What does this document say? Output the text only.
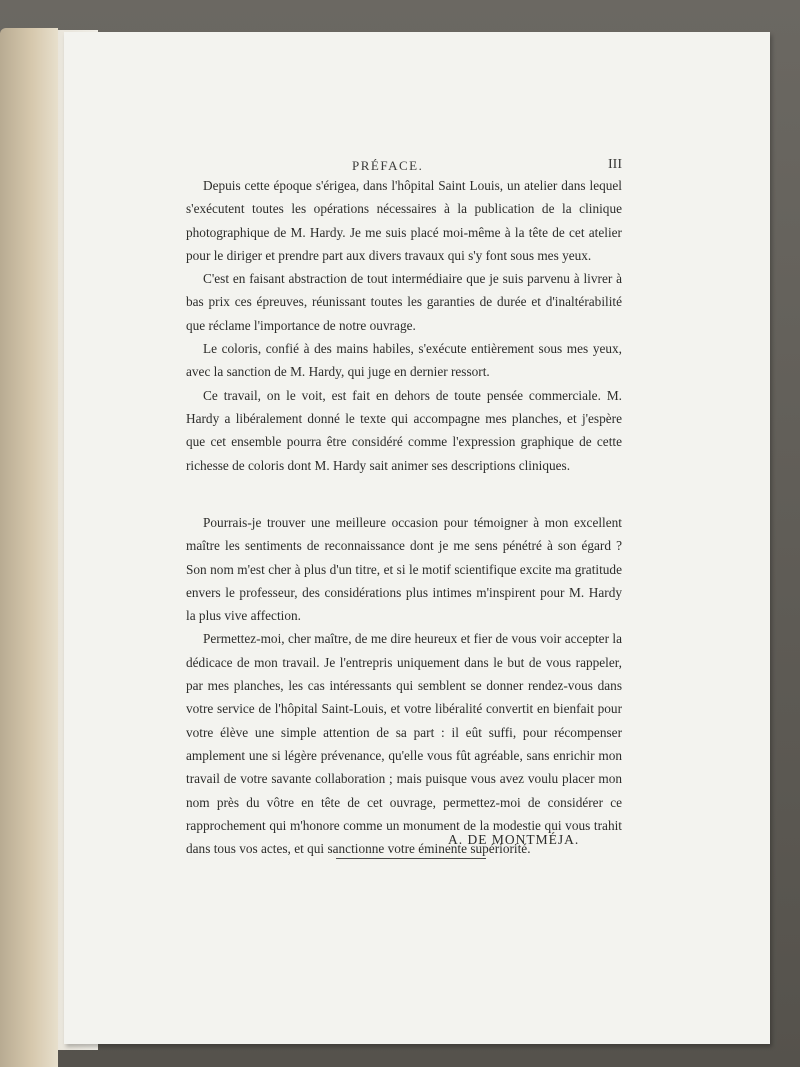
PRÉFACE.	III

Depuis cette époque s'érigea, dans l'hôpital Saint Louis, un atelier dans lequel s'exécutent toutes les opérations nécessaires à la publication de la clinique photographique de M. Hardy. Je me suis placé moi-même à la tête de cet atelier pour le diriger et prendre part aux divers travaux qui s'y font sous mes yeux.

C'est en faisant abstraction de tout intermédiaire que je suis parvenu à livrer à bas prix ces épreuves, réunissant toutes les garanties de durée et d'inaltérabilité que réclame l'importance de notre ouvrage.

Le coloris, confié à des mains habiles, s'exécute entièrement sous mes yeux, avec la sanction de M. Hardy, qui juge en dernier ressort.

Ce travail, on le voit, est fait en dehors de toute pensée commerciale. M. Hardy a libéralement donné le texte qui accompagne mes planches, et j'espère que cet ensemble pourra être considéré comme l'expression graphique de cette richesse de coloris dont M. Hardy sait animer ses descriptions cliniques.

Pourrais-je trouver une meilleure occasion pour témoigner à mon excellent maître les sentiments de reconnaissance dont je me sens pénétré à son égard ? Son nom m'est cher à plus d'un titre, et si le motif scientifique excite ma gratitude envers le professeur, des considérations plus intimes m'inspirent pour M. Hardy la plus vive affection.

Permettez-moi, cher maître, de me dire heureux et fier de vous voir accepter la dédicace de mon travail. Je l'entrepris uniquement dans le but de vous rappeler, par mes planches, les cas intéressants qui semblent se donner rendez-vous dans votre service de l'hôpital Saint-Louis, et votre libéralité convertit en bienfait pour votre élève une simple attention de sa part : il eût suffi, pour récompenser amplement une si légère prévenance, qu'elle vous fût agréable, sans enrichir mon travail de votre savante collaboration ; mais puisque vous avez voulu placer mon nom près du vôtre en tête de cet ouvrage, permettez-moi de considérer ce rapprochement qui m'honore comme un monument de la modestie qui vous trahit dans tous vos actes, et qui sanctionne votre éminente supériorité.

A. DE MONTMÉJA.
